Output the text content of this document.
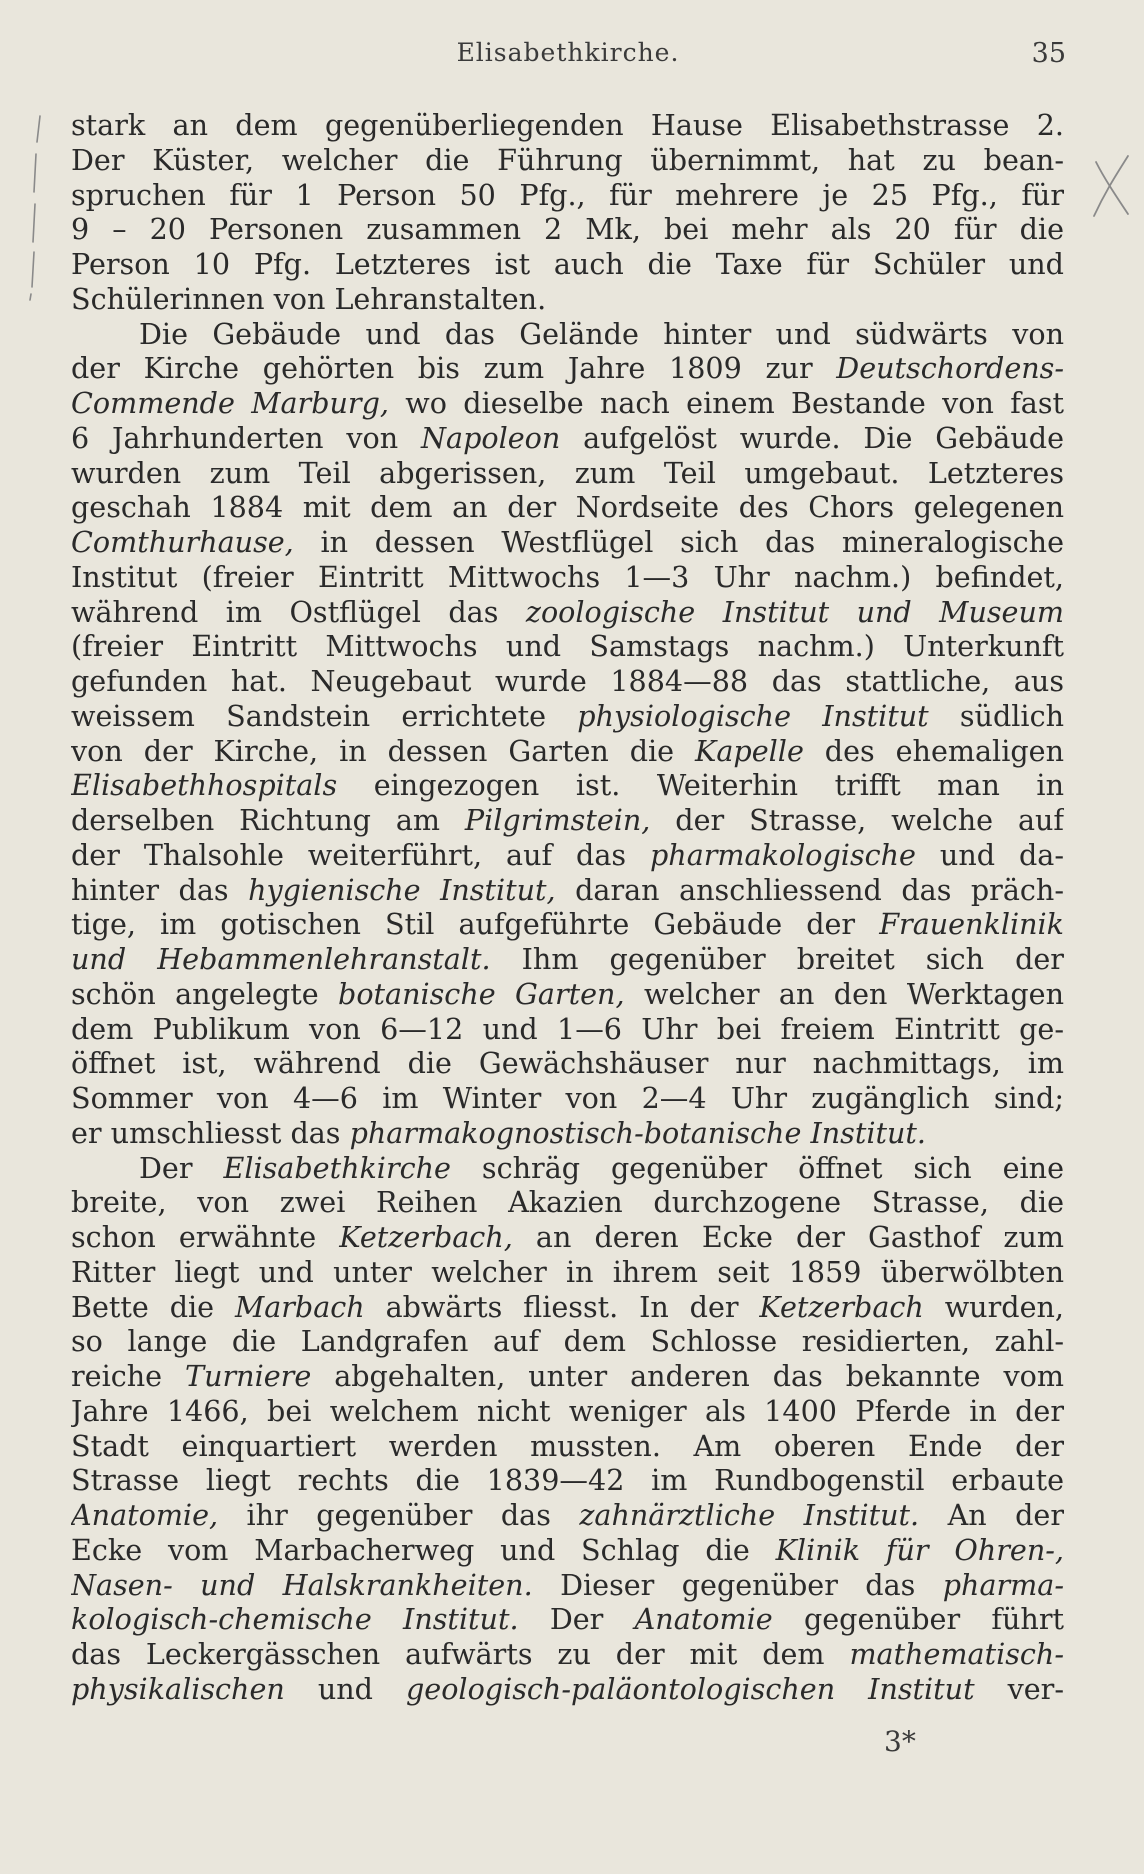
Elisabethkirche.	35
stark an dem gegenüberliegenden Hause Elisabethstrasse 2.
Der Küster, welcher die Führung übernimmt, hat zu bean-
spruchen für 1 Person 50 Pfg., für mehrere je 25 Pfg., für
9 – 20 Personen zusammen 2 Mk, bei mehr als 20 für die
Person 10 Pfg. Letzteres ist auch die Taxe für Schüler und
Schülerinnen von Lehranstalten.
Die Gebäude und das Gelände hinter und südwärts von
der Kirche gehörten bis zum Jahre 1809 zur Deutschordens-
Commende Marburg, wo dieselbe nach einem Bestande von fast
6 Jahrhunderten von Napoleon aufgelöst wurde. Die Gebäude
wurden zum Teil abgerissen, zum Teil umgebaut. Letzteres
geschah 1884 mit dem an der Nordseite des Chors gelegenen
Comthurhause, in dessen Westflügel sich das mineralogische
Institut (freier Eintritt Mittwochs 1—3 Uhr nachm.) befindet,
während im Ostflügel das zoologische Institut und Museum
(freier Eintritt Mittwochs und Samstags nachm.) Unterkunft
gefunden hat. Neugebaut wurde 1884—88 das stattliche, aus
weissem Sandstein errichtete physiologische Institut südlich
von der Kirche, in dessen Garten die Kapelle des ehemaligen
Elisabethhospitals eingezogen ist. Weiterhin trifft man in
derselben Richtung am Pilgrimstein, der Strasse, welche auf
der Thalsohle weiterführt, auf das pharmakologische und da-
hinter das hygienische Institut, daran anschliessend das präch-
tige, im gotischen Stil aufgeführte Gebäude der Frauenklinik
und Hebammenlehranstalt. Ihm gegenüber breitet sich der
schön angelegte botanische Garten, welcher an den Werktagen
dem Publikum von 6—12 und 1—6 Uhr bei freiem Eintritt ge-
öffnet ist, während die Gewächshäuser nur nachmittags, im
Sommer von 4—6 im Winter von 2—4 Uhr zugänglich sind;
er umschliesst das pharmakognostisch-botanische Institut.
Der Elisabethkirche schräg gegenüber öffnet sich eine
breite, von zwei Reihen Akazien durchzogene Strasse, die
schon erwähnte Ketzerbach, an deren Ecke der Gasthof zum
Ritter liegt und unter welcher in ihrem seit 1859 überwölbten
Bette die Marbach abwärts fliesst. In der Ketzerbach wurden,
so lange die Landgrafen auf dem Schlosse residierten, zahl-
reiche Turniere abgehalten, unter anderen das bekannte vom
Jahre 1466, bei welchem nicht weniger als 1400 Pferde in der
Stadt einquartiert werden mussten. Am oberen Ende der
Strasse liegt rechts die 1839—42 im Rundbogenstil erbaute
Anatomie, ihr gegenüber das zahnärztliche Institut. An der
Ecke vom Marbacherweg und Schlag die Klinik für Ohren-,
Nasen- und Halskrankheiten. Dieser gegenüber das pharma-
kologisch-chemische Institut. Der Anatomie gegenüber führt
das Leckergässchen aufwärts zu der mit dem mathematisch-
physikalischen und geologisch-paläontologischen Institut ver-
3*
